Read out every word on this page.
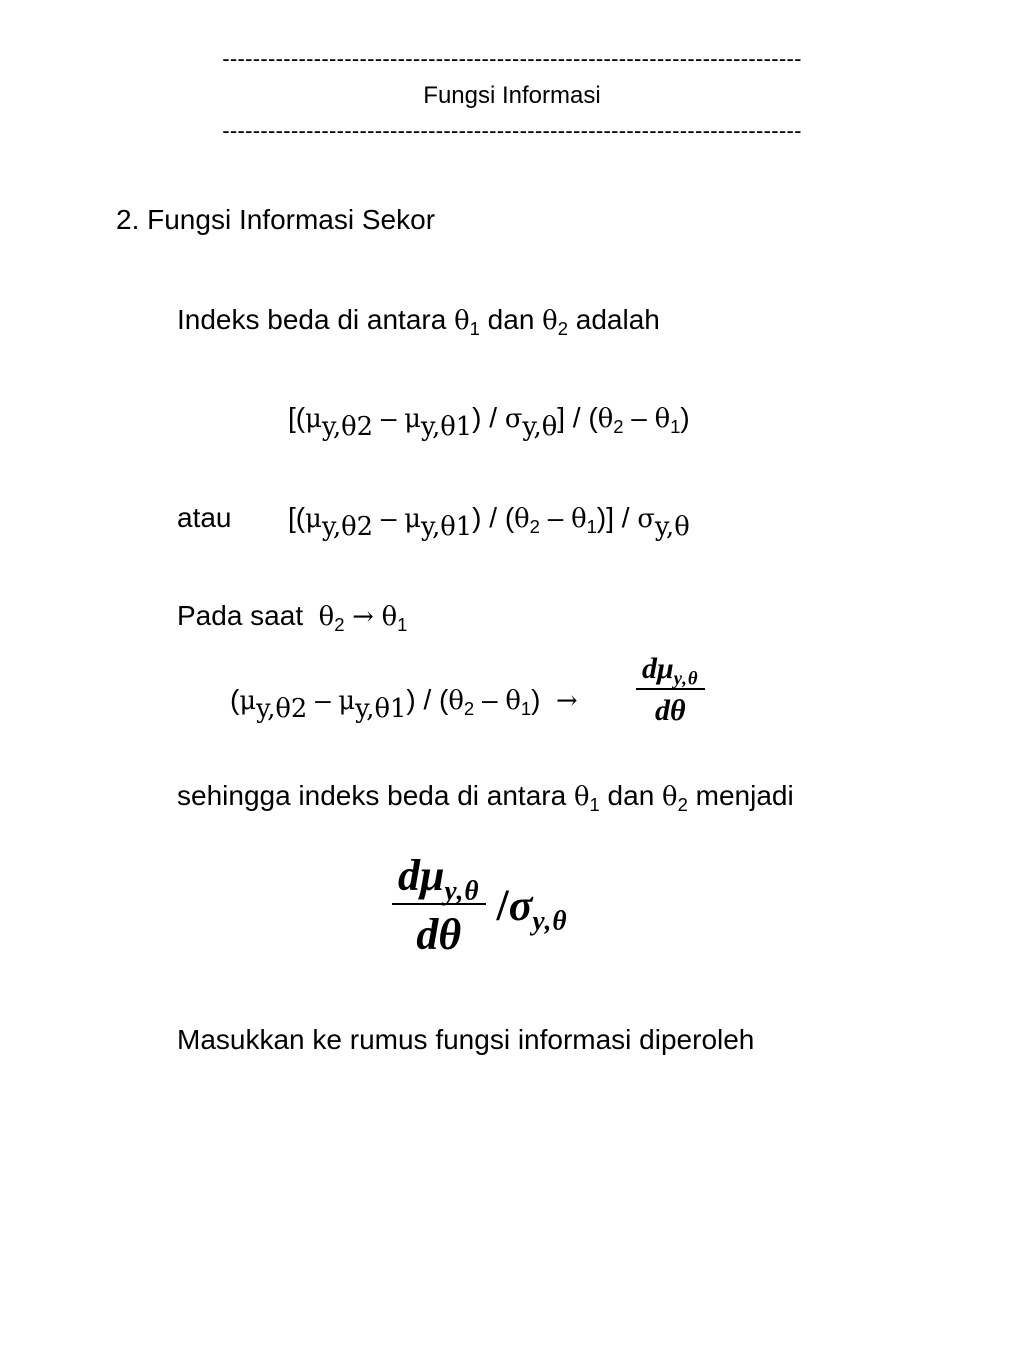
----------------------------------------------------------------------------
Fungsi Informasi
----------------------------------------------------------------------------
2. Fungsi Informasi Sekor
Indeks beda di antara $\theta_1$ dan $\theta_2$ adalah
$[(\mu_{y,\theta 2} - \mu_{y,\theta 1}) / \sigma_{y,\theta}] / (\theta_2 - \theta_1)$
atau $[(\mu_{y,\theta 2} - \mu_{y,\theta 1}) / (\theta_2 - \theta_1)] / \sigma_{y,\theta}$
Pada saat $\theta_2 \to \theta_1$
$(\mu_{y,\theta 2} - \mu_{y,\theta 1}) / (\theta_2 - \theta_1) \to \frac{d\mu_{y,\theta}}{d\theta}$
sehingga indeks beda di antara $\theta_1$ dan $\theta_2$ menjadi
$\frac{d\mu_{y,\theta}}{d\theta} /\sigma_{y,\theta}$
Masukkan ke rumus fungsi informasi diperoleh
